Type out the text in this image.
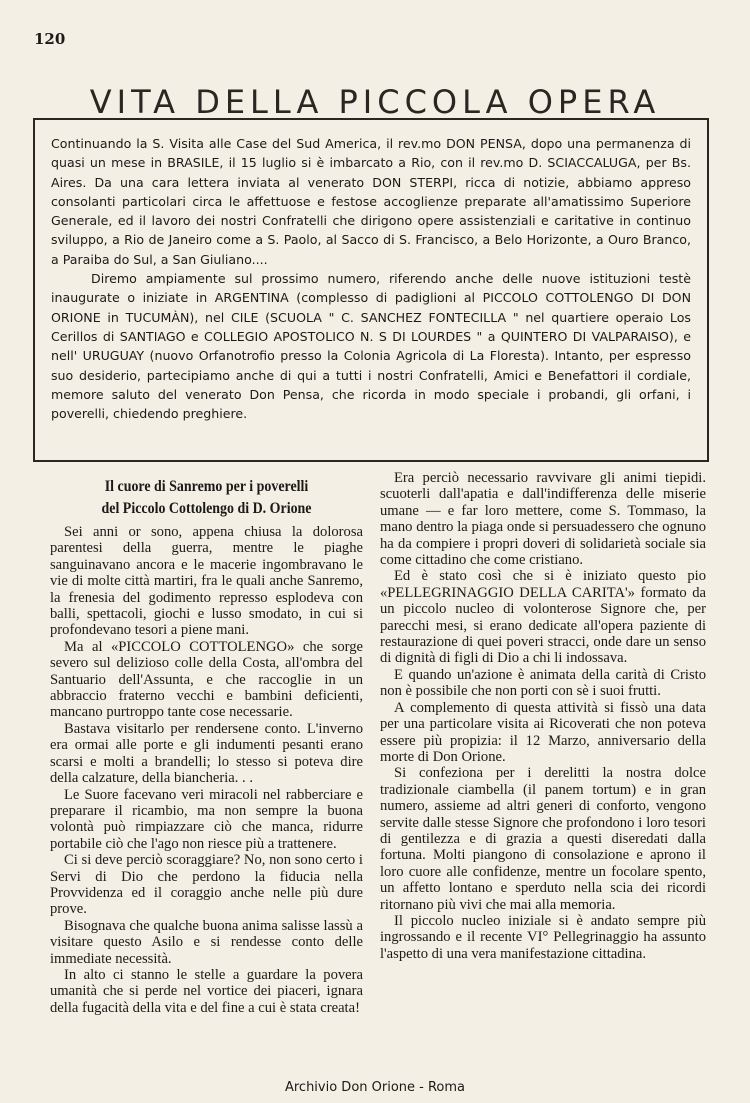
120
VITA DELLA PICCOLA OPERA

Continuando la S. Visita alle Case del Sud America, il rev.mo DON PENSA, dopo una permanenza di quasi un mese in BRASILE, il 15 luglio si è imbarcato a Rio, con il rev.mo D. SCIACCALUGA, per Bs. Aires. Da una cara lettera inviata al venerato DON STERPI, ricca di notizie, abbiamo appreso consolanti particolari circa le affettuose e festose accoglienze preparate all'amatissimo Superiore Generale, ed il lavoro dei nostri Confratelli che dirigono opere assistenziali e caritative in continuo sviluppo, a Rio de Janeiro come a S. Paolo, al Sacco di S. Francisco, a Belo Horizonte, a Ouro Branco, a Paraiba do Sul, a San Giuliano....

Diremo ampiamente sul prossimo numero, riferendo anche delle nuove istituzioni testè inaugurate o iniziate in ARGENTINA (complesso di padiglioni al PICCOLO COTTOLENGO DI DON ORIONE in TUCUMÀN), nel CILE (SCUOLA " C. SANCHEZ FONTECILLA " nel quartiere operaio Los Cerillos di SANTIAGO e COLLEGIO APOSTOLICO N. S DI LOURDES " a QUINTERO DI VALPARAISO), e nell' URUGUAY (nuovo Orfanotrofio presso la Colonia Agricola di La Floresta). Intanto, per espresso suo desiderio, partecipiamo anche di qui a tutti i nostri Confratelli, Amici e Benefattori il cordiale, memore saluto del venerato Don Pensa, che ricorda in modo speciale i probandi, gli orfani, i poverelli, chiedendo preghiere.

Il cuore di Sanremo per i poverelli
del Piccolo Cottolengo di D. Orione

Sei anni or sono, appena chiusa la dolorosa parentesi della guerra, mentre le piaghe sanguinavano ancora e le macerie ingombravano le vie di molte città martiri, fra le quali anche Sanremo, la frenesia del godimento represso esplodeva con balli, spettacoli, giochi e lusso smodato, in cui si profondevano tesori a piene mani.

Ma al «PICCOLO COTTOLENGO» che sorge severo sul delizioso colle della Costa, all'ombra del Santuario dell'Assunta, e che raccoglie in un abbraccio fraterno vecchi e bambini deficienti, mancano purtroppo tante cose necessarie.

Bastava visitarlo per rendersene conto. L'inverno era ormai alle porte e gli indumenti pesanti erano scarsi e molti a brandelli; lo stesso si poteva dire della calzature, della biancheria. . .

Le Suore facevano veri miracoli nel rabberciare e preparare il ricambio, ma non sempre la buona volontà può rimpiazzare ciò che manca, ridurre portabile ciò che l'ago non riesce più a trattenere.

Ci si deve perciò scoraggiare? No, non sono certo i Servi di Dio che perdono la fiducia nella Provvidenza ed il coraggio anche nelle più dure prove.

Bisognava che qualche buona anima salisse lassù a visitare questo Asilo e si rendesse conto delle immediate necessità.

In alto ci stanno le stelle a guardare la povera umanità che si perde nel vortice dei piaceri, ignara della fugacità della vita e del fine a cui è stata creata!

Era perciò necessario ravvivare gli animi tiepidi. scuoterli dall'apatia e dall'indifferenza delle miserie umane — e far loro mettere, come S. Tommaso, la mano dentro la piaga onde si persuadessero che ognuno ha da compiere i propri doveri di solidarietà sociale sia come cittadino che come cristiano.

Ed è stato così che si è iniziato questo pio «PELLEGRINAGGIO DELLA CARITA'» formato da un piccolo nucleo di volonterose Signore che, per parecchi mesi, si erano dedicate all'opera paziente di restaurazione di quei poveri stracci, onde dare un senso di dignità di figli di Dio a chi li indossava.

E quando un'azione è animata della carità di Cristo non è possibile che non porti con sè i suoi frutti.

A complemento di questa attività si fissò una data per una particolare visita ai Ricoverati che non poteva essere più propizia: il 12 Marzo, anniversario della morte di Don Orione.

Si confeziona per i derelitti la nostra dolce tradizionale ciambella (il panem tortum) e in gran numero, assieme ad altri generi di conforto, vengono servite dalle stesse Signore che profondono i loro tesori di gentilezza e di grazia a questi diseredati dalla fortuna. Molti piangono di consolazione e aprono il loro cuore alle confidenze, mentre un focolare spento, un affetto lontano e sperduto nella scia dei ricordi ritornano più vivi che mai alla memoria.

Il piccolo nucleo iniziale si è andato sempre più ingrossando e il recente VI° Pellegrinaggio ha assunto l'aspetto di una vera manifestazione cittadina.

Archivio Don Orione - Roma
